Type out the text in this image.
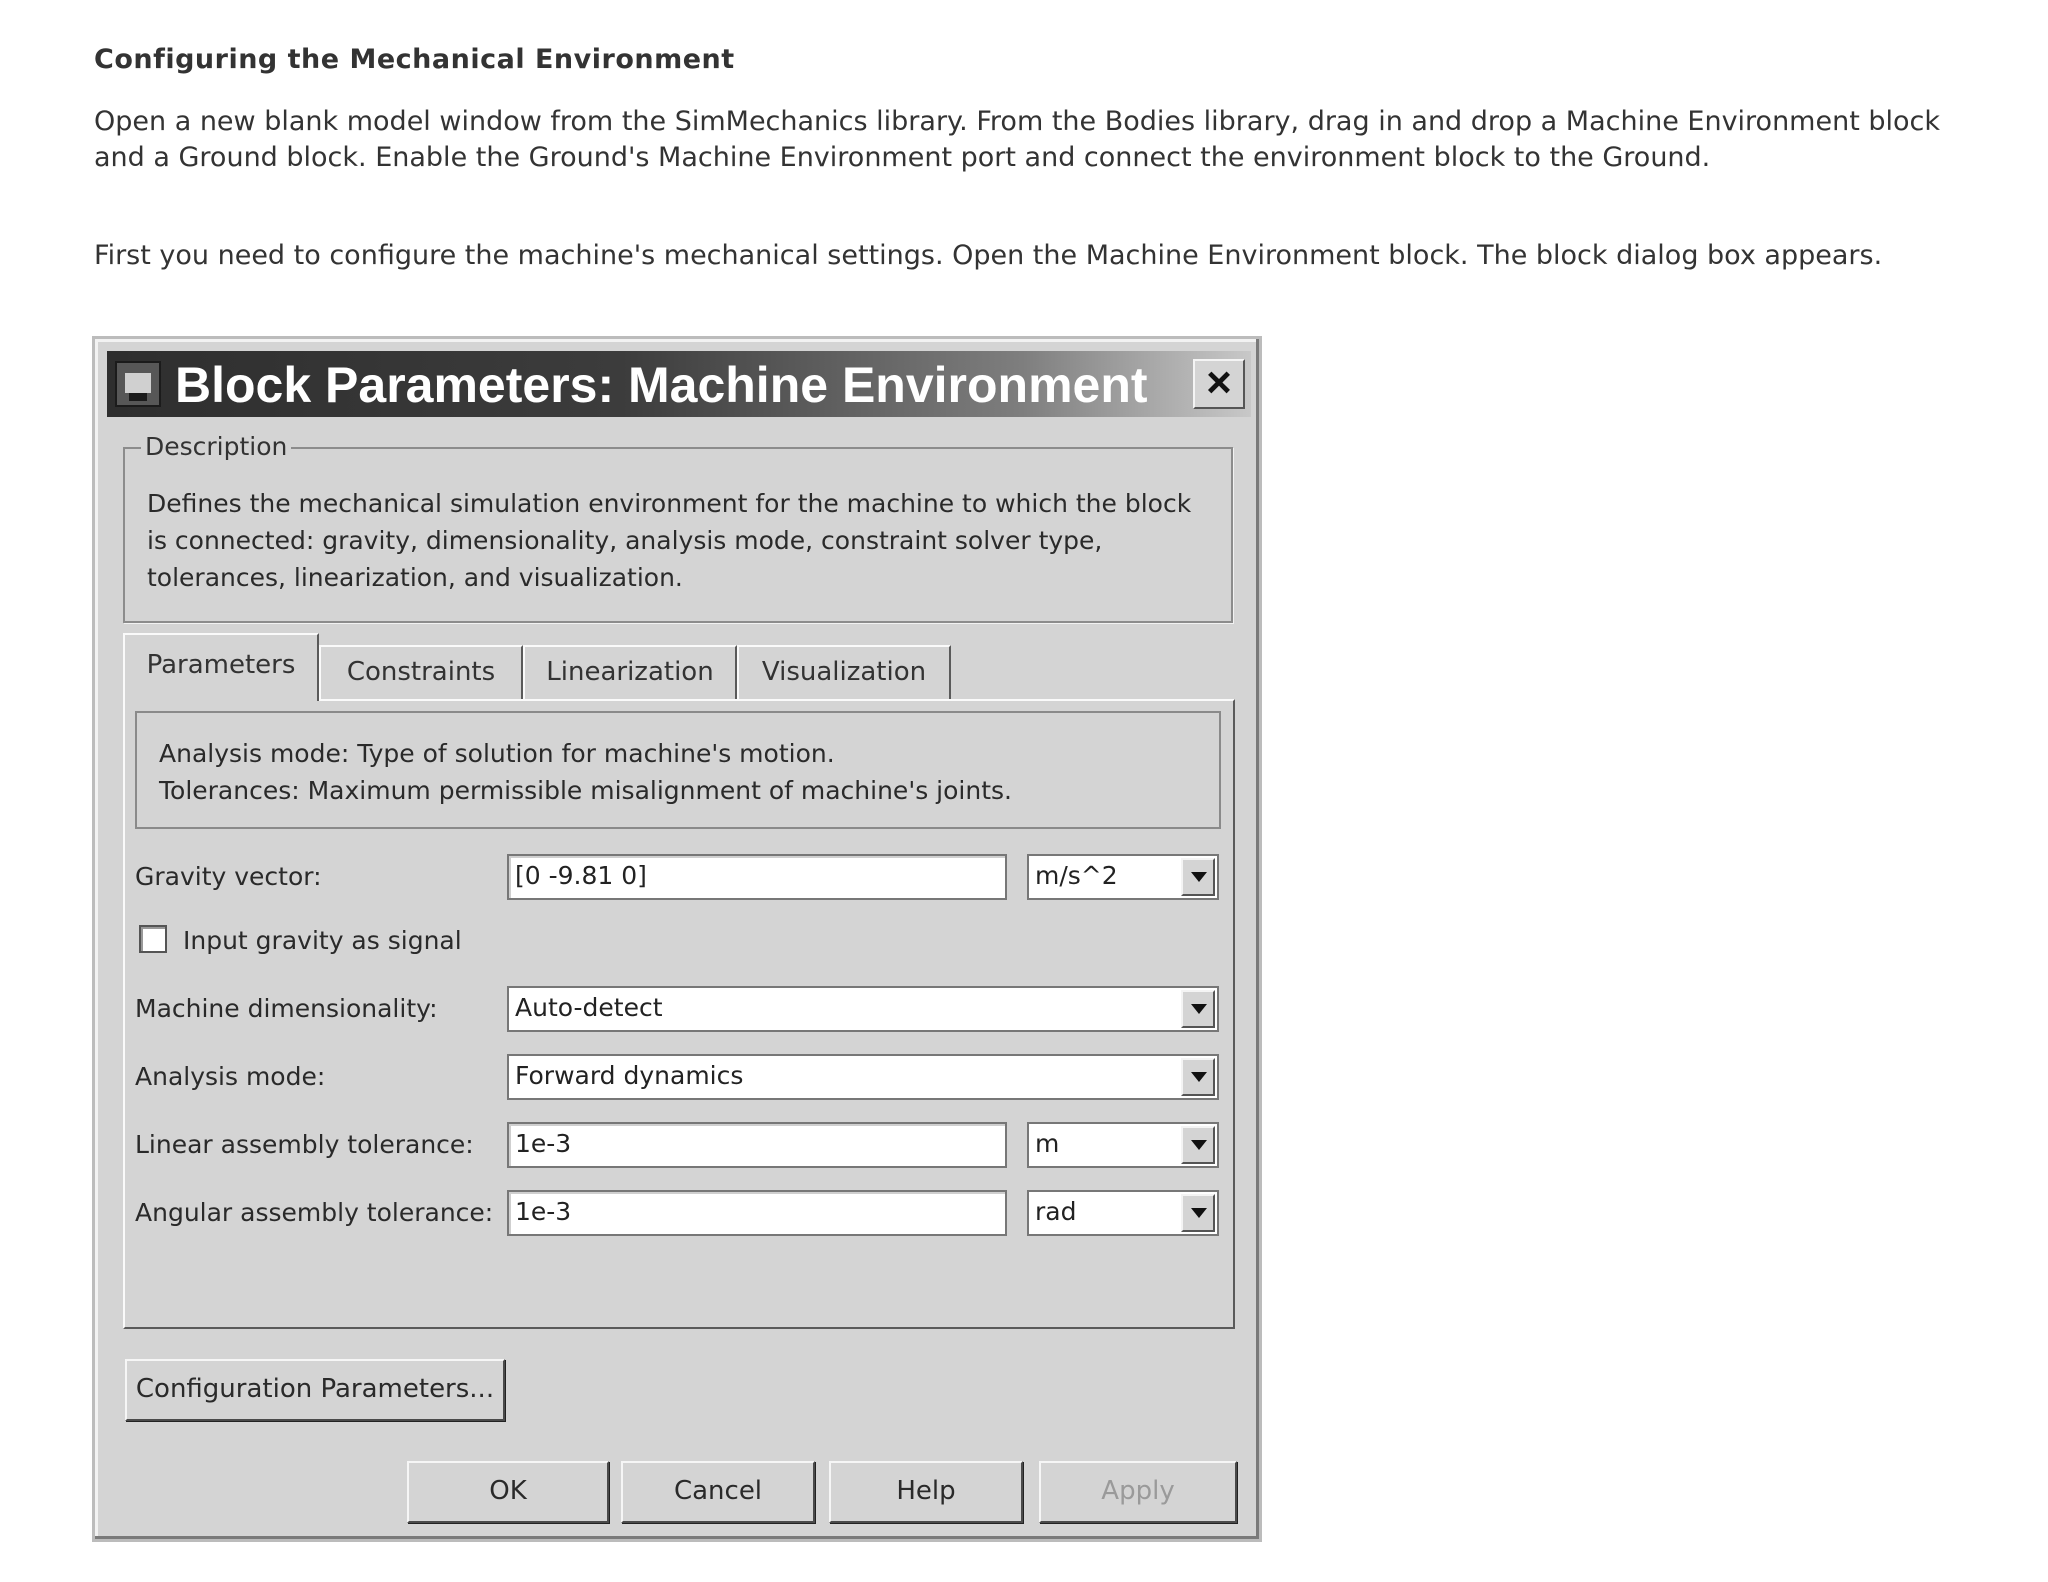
Configuring the Mechanical Environment
Open a new blank model window from the SimMechanics library. From the Bodies library, drag in and drop a Machine Environment block and a Ground block. Enable the Ground's Machine Environment port and connect the environment block to the Ground.
First you need to configure the machine's mechanical settings. Open the Machine Environment block. The block dialog box appears.
Block Parameters: Machine Environment ×
Description
Defines the mechanical simulation environment for the machine to which the block is connected: gravity, dimensionality, analysis mode, constraint solver type, tolerances, linearization, and visualization.
Parameters	Constraints	Linearization	Visualization
Analysis mode: Type of solution for machine's motion.
Tolerances: Maximum permissible misalignment of machine's joints.
Gravity vector:	[0 -9.81 0]	m/s^2
Input gravity as signal
Machine dimensionality:	Auto-detect
Analysis mode:	Forward dynamics
Linear assembly tolerance:	1e-3	m
Angular assembly tolerance: 1e-3	rad
Configuration Parameters...
OK	Cancel	Help	Apply
